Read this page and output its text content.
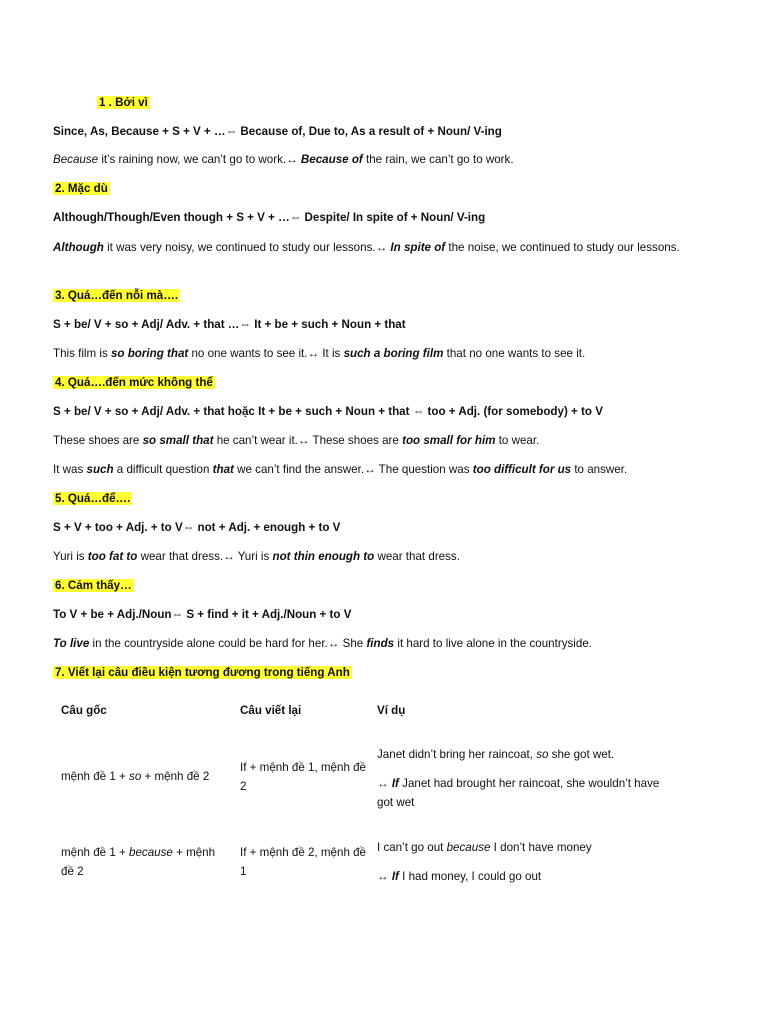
1 . Bởi vì
Since, As, Because + S + V + …⇔ Because of, Due to, As a result of + Noun/ V-ing
Because it’s raining now, we can’t go to work.↔ Because of the rain, we can’t go to work.
2. Mặc dù
Although/Though/Even though + S + V + …⇔ Despite/ In spite of + Noun/ V-ing
Although it was very noisy, we continued to study our lessons.↔ In spite of the noise, we continued to study our lessons.
3. Quá…đến nỗi mà….
S + be/ V + so + Adj/ Adv. + that …⇔ It + be + such + Noun + that
This film is so boring that no one wants to see it.↔ It is such a boring film that no one wants to see it.
4. Quá….đến mức không thể
S + be/ V + so + Adj/ Adv. + that hoặc It + be + such + Noun + that ⇔ too + Adj. (for somebody) + to V
These shoes are so small that he can’t wear it.↔ These shoes are too small for him to wear.
It was such a difficult question that we can’t find the answer.↔ The question was too difficult for us to answer.
5. Quá…để….
S + V + too + Adj. + to V⇔ not + Adj. + enough + to V
Yuri is too fat to wear that dress.↔ Yuri is not thin enough to wear that dress.
6. Cảm thấy…
To V + be + Adj./Noun⇔ S + find + it + Adj./Noun + to V
To live in the countryside alone could be hard for her.↔ She finds it hard to live alone in the countryside.
7. Viết lại câu điều kiện tương đương trong tiếng Anh
Câu gốc	Câu viết lại	Ví dụ
mệnh đề 1 + so + mệnh đề 2
If + mệnh đề 1, mệnh đề 2
Janet didn’t bring her raincoat, so she got wet.
↔ If Janet had brought her raincoat, she wouldn’t have got wet
mệnh đề 1 + because + mệnh đề 2
If + mệnh đề 2, mệnh đề 1
I can’t go out because I don’t have money
↔ If I had money, I could go out
